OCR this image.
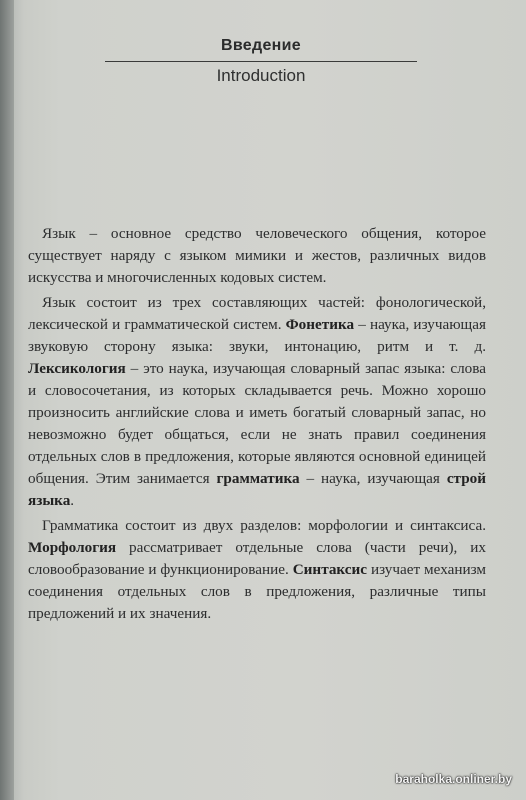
Введение
Introduction

Язык – основное средство человеческого общения, которое существует наряду с языком мимики и жестов, различных видов искусства и многочисленных кодовых систем.

Язык состоит из трех составляющих частей: фонологической, лексической и грамматической систем. Фонетика – наука, изучающая звуковую сторону языка: звуки, интонацию, ритм и т. д. Лексикология – это наука, изучающая словарный запас языка: слова и словосочетания, из которых складывается речь. Можно хорошо произносить английские слова и иметь богатый словарный запас, но невозможно будет общаться, если не знать правил соединения отдельных слов в предложения, которые являются основной единицей общения. Этим занимается грамматика – наука, изучающая строй языка.

Грамматика состоит из двух разделов: морфологии и синтаксиса. Морфология рассматривает отдельные слова (части речи), их словообразование и функционирование. Синтаксис изучает механизм соединения отдельных слов в предложения, различные типы предложений и их значения.

baraholka.onliner.by
